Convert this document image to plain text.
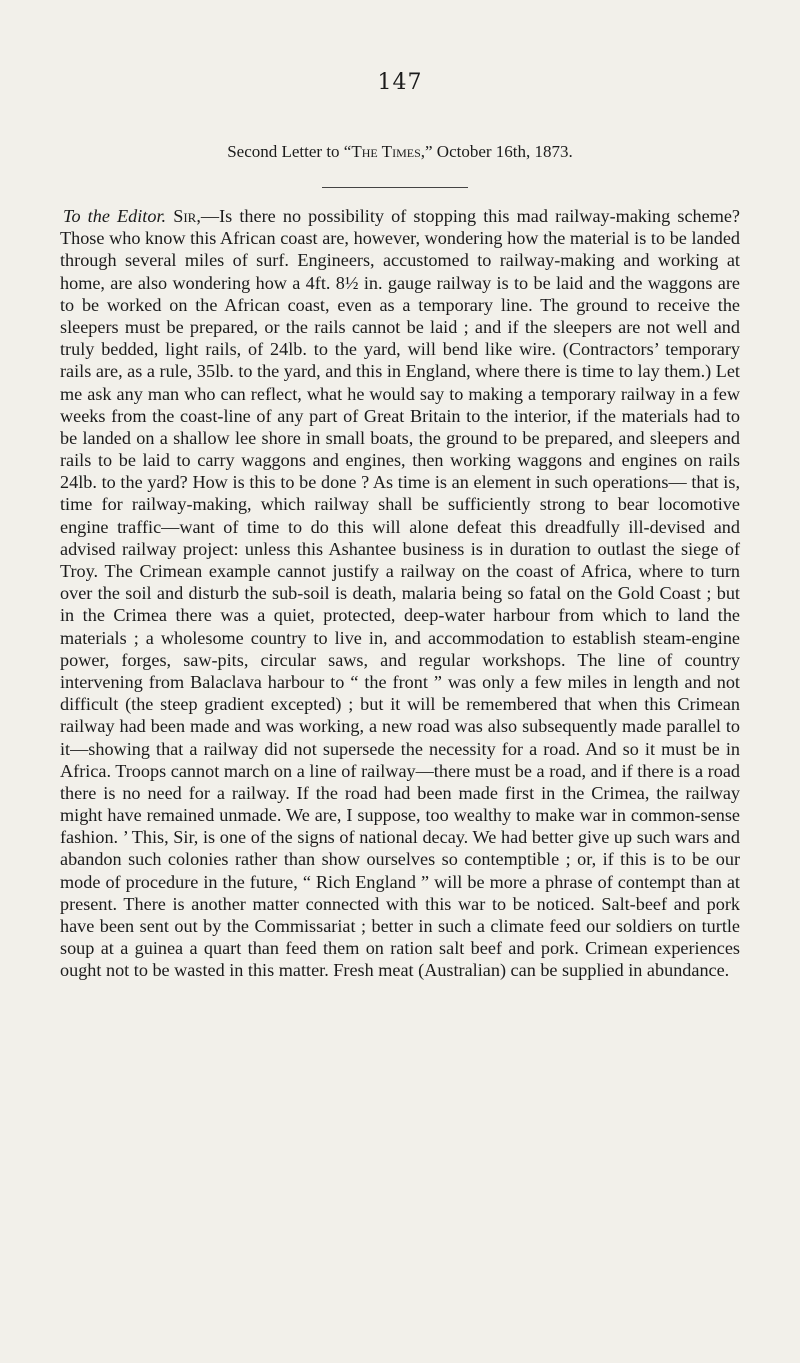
147
Second Letter to “The Times,” October 16th, 1873.
To the Editor. Sir,—Is there no possibility of stopping this mad railway-making scheme? Those who know this African coast are, however, wondering how the material is to be landed through several miles of surf. Engineers, accustomed to railway-making and working at home, are also wondering how a 4ft. 8½ in. gauge railway is to be laid and the waggons are to be worked on the African coast, even as a temporary line. The ground to receive the sleepers must be prepared, or the rails cannot be laid ; and if the sleepers are not well and truly bedded, light rails, of 24lb. to the yard, will bend like wire. (Contractors’ temporary rails are, as a rule, 35lb. to the yard, and this in England, where there is time to lay them.) Let me ask any man who can reflect, what he would say to making a temporary railway in a few weeks from the coast-line of any part of Great Britain to the interior, if the materials had to be landed on a shallow lee shore in small boats, the ground to be prepared, and sleepers and rails to be laid to carry waggons and engines, then working waggons and engines on rails 24lb. to the yard? How is this to be done ? As time is an element in such operations— that is, time for railway-making, which railway shall be sufficiently strong to bear locomotive engine traffic—want of time to do this will alone defeat this dreadfully ill-devised and advised railway project: unless this Ashantee business is in duration to outlast the siege of Troy. The Crimean example cannot justify a railway on the coast of Africa, where to turn over the soil and disturb the sub-soil is death, malaria being so fatal on the Gold Coast ; but in the Crimea there was a quiet, protected, deep-water harbour from which to land the materials ; a wholesome country to live in, and accommodation to establish steam-engine power, forges, saw-pits, circular saws, and regular workshops. The line of country intervening from Balaclava harbour to “ the front ” was only a few miles in length and not difficult (the steep gradient excepted) ; but it will be remembered that when this Crimean railway had been made and was working, a new road was also subsequently made parallel to it—showing that a railway did not supersede the necessity for a road. And so it must be in Africa. Troops cannot march on a line of railway—there must be a road, and if there is a road there is no need for a railway. If the road had been made first in the Crimea, the railway might have remained unmade. We are, I suppose, too wealthy to make war in common-sense fashion. ’ This, Sir, is one of the signs of national decay. We had better give up such wars and abandon such colonies rather than show ourselves so contemptible ; or, if this is to be our mode of procedure in the future, “ Rich England ” will be more a phrase of contempt than at present. There is another matter connected with this war to be noticed. Salt-beef and pork have been sent out by the Commissariat ; better in such a climate feed our soldiers on turtle soup at a guinea a quart than feed them on ration salt beef and pork. Crimean experiences ought not to be wasted in this matter. Fresh meat (Australian) can be supplied in abundance.
